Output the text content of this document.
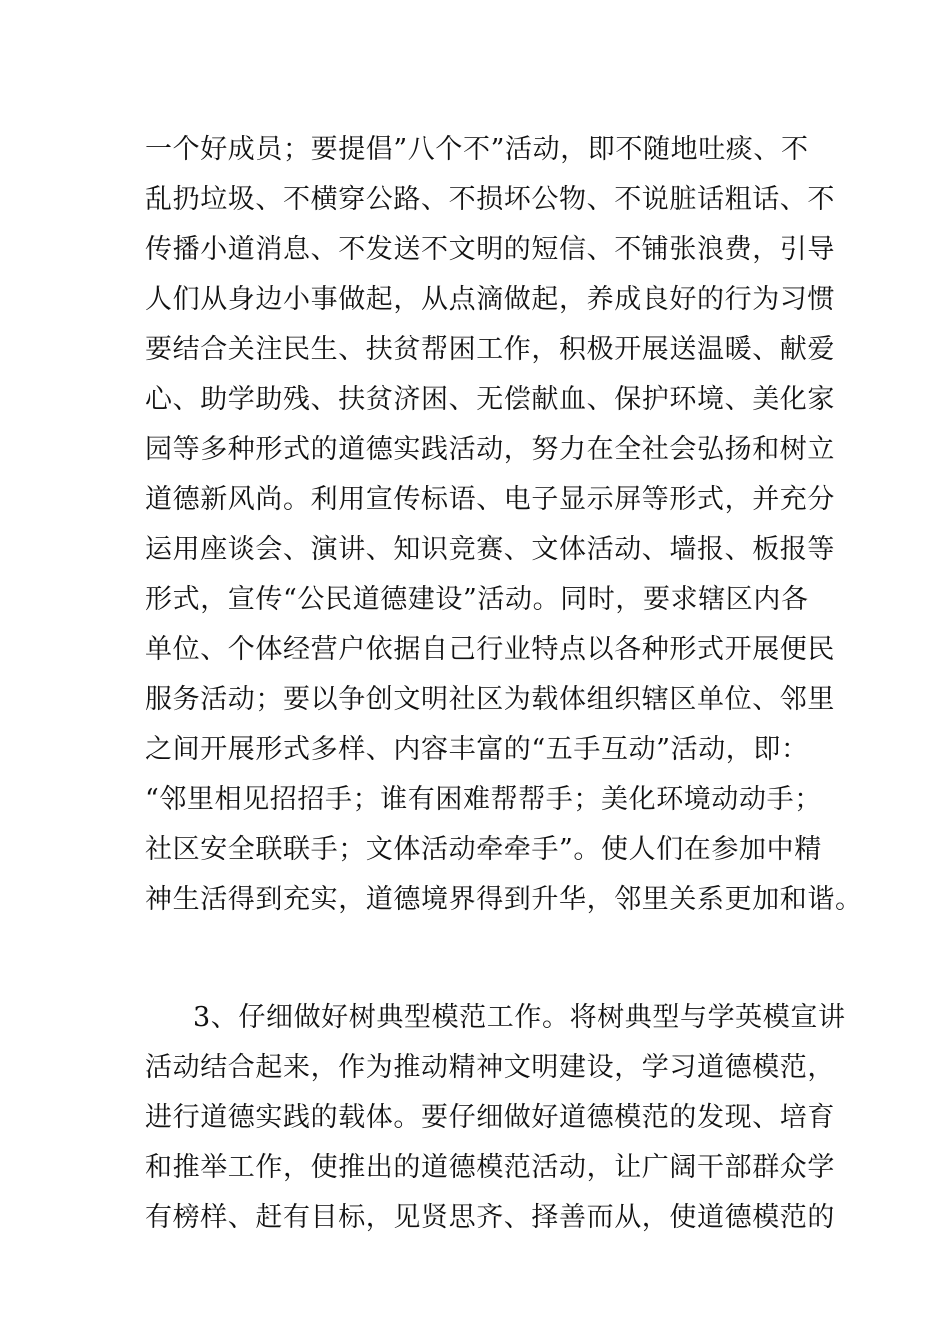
一个好成员；要提倡”八个不”活动，即不随地吐痰、不
乱扔垃圾、不横穿公路、不损坏公物、不说脏话粗话、不
传播小道消息、不发送不文明的短信、不铺张浪费，引导
人们从身边小事做起，从点滴做起，养成良好的行为习惯
要结合关注民生、扶贫帮困工作，积极开展送温暖、献爱
心、助学助残、扶贫济困、无偿献血、保护环境、美化家
园等多种形式的道德实践活动，努力在全社会弘扬和树立
道德新风尚。利用宣传标语、电子显示屏等形式，并充分
运用座谈会、演讲、知识竞赛、文体活动、墙报、板报等
形式，宣传“公民道德建设”活动。同时，要求辖区内各
单位、个体经营户依据自己行业特点以各种形式开展便民
服务活动；要以争创文明社区为载体组织辖区单位、邻里
之间开展形式多样、内容丰富的“五手互动”活动，即：
“邻里相见招招手；谁有困难帮帮手；美化环境动动手；
社区安全联联手；文体活动牵牵手”。使人们在参加中精
神生活得到充实，道德境界得到升华，邻里关系更加和谐。
3、仔细做好树典型模范工作。将树典型与学英模宣讲
活动结合起来，作为推动精神文明建设，学习道德模范，
进行道德实践的载体。要仔细做好道德模范的发现、培育
和推举工作，使推出的道德模范活动，让广阔干部群众学
有榜样、赶有目标，见贤思齐、择善而从，使道德模范的
